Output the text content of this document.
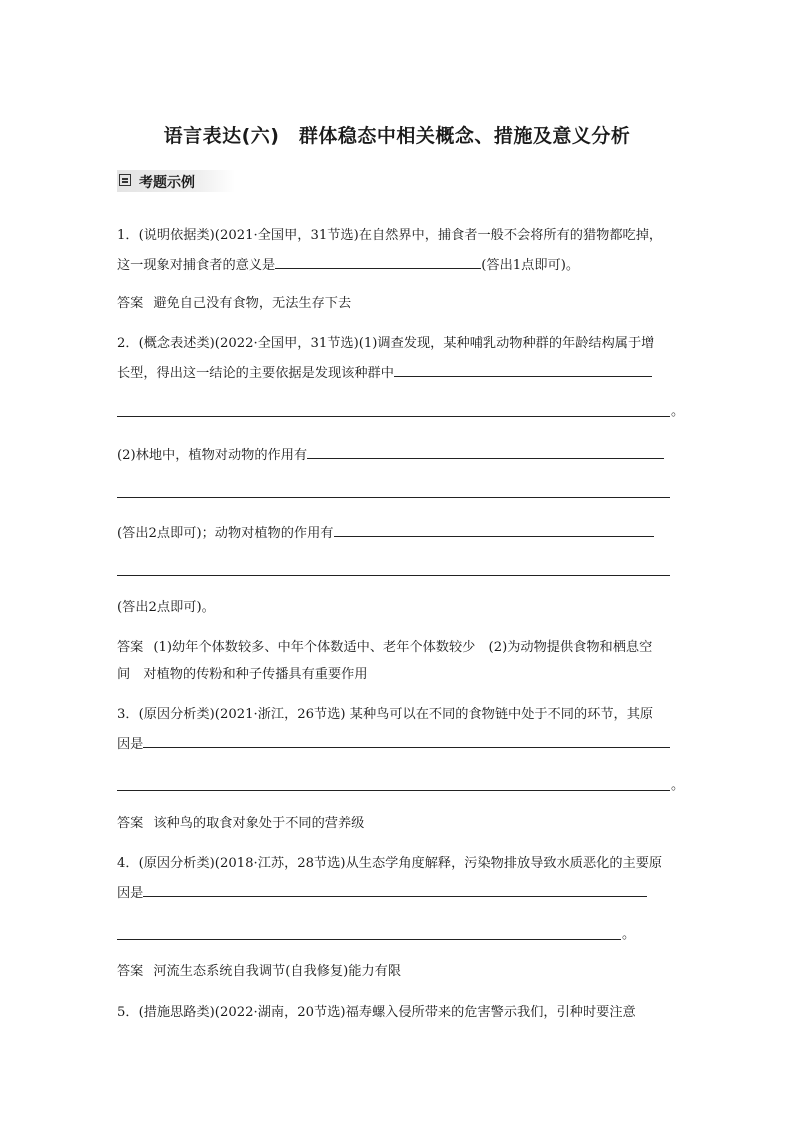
语言表达(六)　群体稳态中相关概念、措施及意义分析
考题示例
1．(说明依据类)(2021·全国甲，31节选)在自然界中，捕食者一般不会将所有的猎物都吃掉，
这一现象对捕食者的意义是	(答出1点即可)。
答案 避免自己没有食物，无法生存下去
2．(概念表述类)(2022·全国甲，31节选)(1)调查发现，某种哺乳动物种群的年龄结构属于增
长型，得出这一结论的主要依据是发现该种群中
。
(2)林地中，植物对动物的作用有
(答出2点即可)；动物对植物的作用有
(答出2点即可)。
答案 (1)幼年个体数较多、中年个体数适中、老年个体数较少　(2)为动物提供食物和栖息空
间　对植物的传粉和种子传播具有重要作用
3．(原因分析类)(2021·浙江，26节选) 某种鸟可以在不同的食物链中处于不同的环节，其原
因是
。
答案 该种鸟的取食对象处于不同的营养级
4．(原因分析类)(2018·江苏，28节选)从生态学角度解释，污染物排放导致水质恶化的主要原
因是
。
答案 河流生态系统自我调节(自我修复)能力有限
5．(措施思路类)(2022·湖南，20节选)福寿螺入侵所带来的危害警示我们，引种时要注意
